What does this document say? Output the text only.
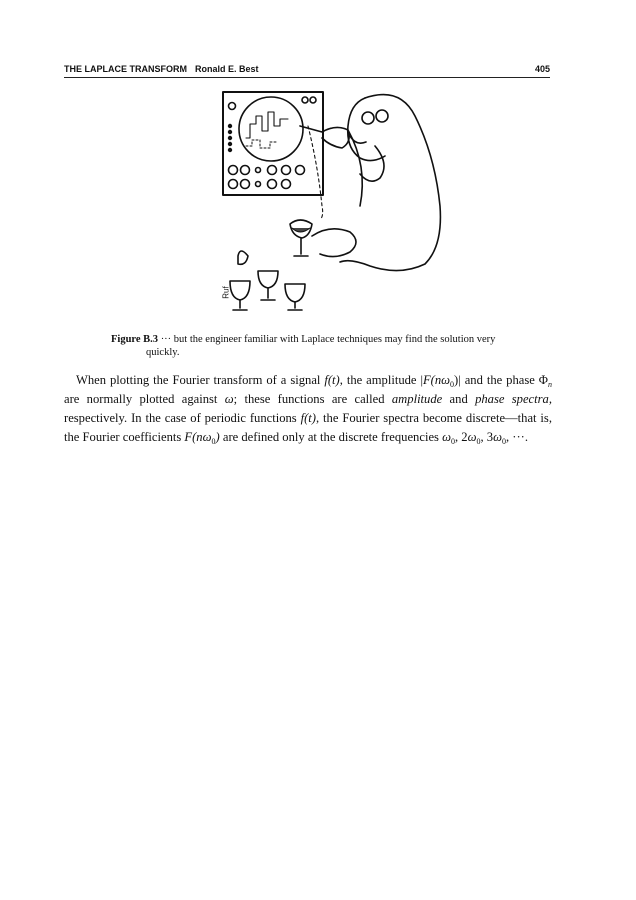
THE LAPLACE TRANSFORM Ronald E. Best	405
Ruf
Figure B.3 ··· but the engineer familiar with Laplace techniques may find the solution very
quickly.

When plotting the Fourier transform of a signal f(t), the amplitude $|F(n\omega_0)|$ and the phase $\Phi_n$ are normally plotted against ω; these functions are called amplitude and phase spectra, respectively. In the case of periodic functions f(t), the Fourier spectra become discrete—that is, the Fourier coefficients $F(n\omega_0)$ are defined only at the discrete frequencies $\omega_0$, $2\omega_0$, $3\omega_0$, ···.
